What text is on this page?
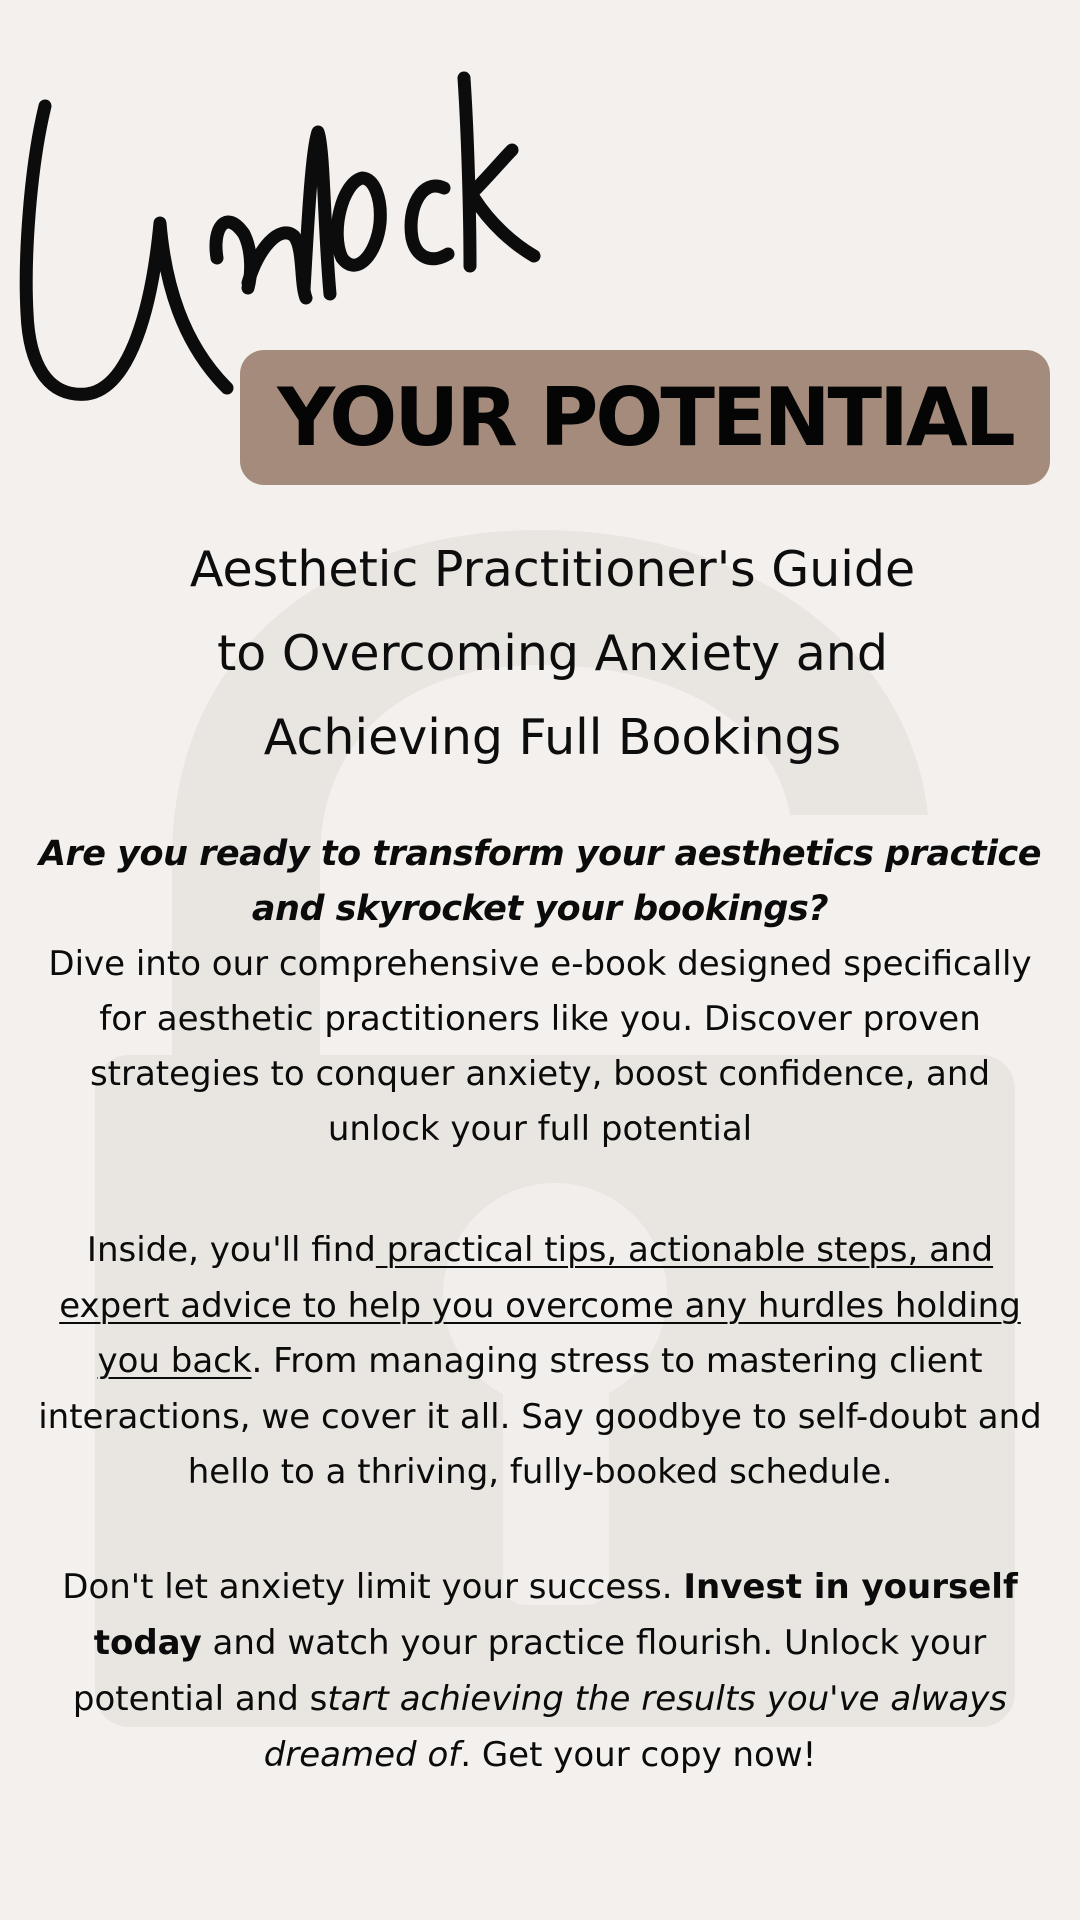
YOUR POTENTIAL
Aesthetic Practitioner's Guide
to Overcoming Anxiety and
Achieving Full Bookings
Are you ready to transform your aesthetics practice and skyrocket your bookings?
Dive into our comprehensive e-book designed specifically for aesthetic practitioners like you. Discover proven strategies to conquer anxiety, boost confidence, and unlock your full potential

Inside, you'll find practical tips, actionable steps, and expert advice to help you overcome any hurdles holding you back. From managing stress to mastering client interactions, we cover it all. Say goodbye to self-doubt and hello to a thriving, fully-booked schedule.

Don't let anxiety limit your success. Invest in yourself today and watch your practice flourish. Unlock your potential and start achieving the results you've always dreamed of. Get your copy now!
